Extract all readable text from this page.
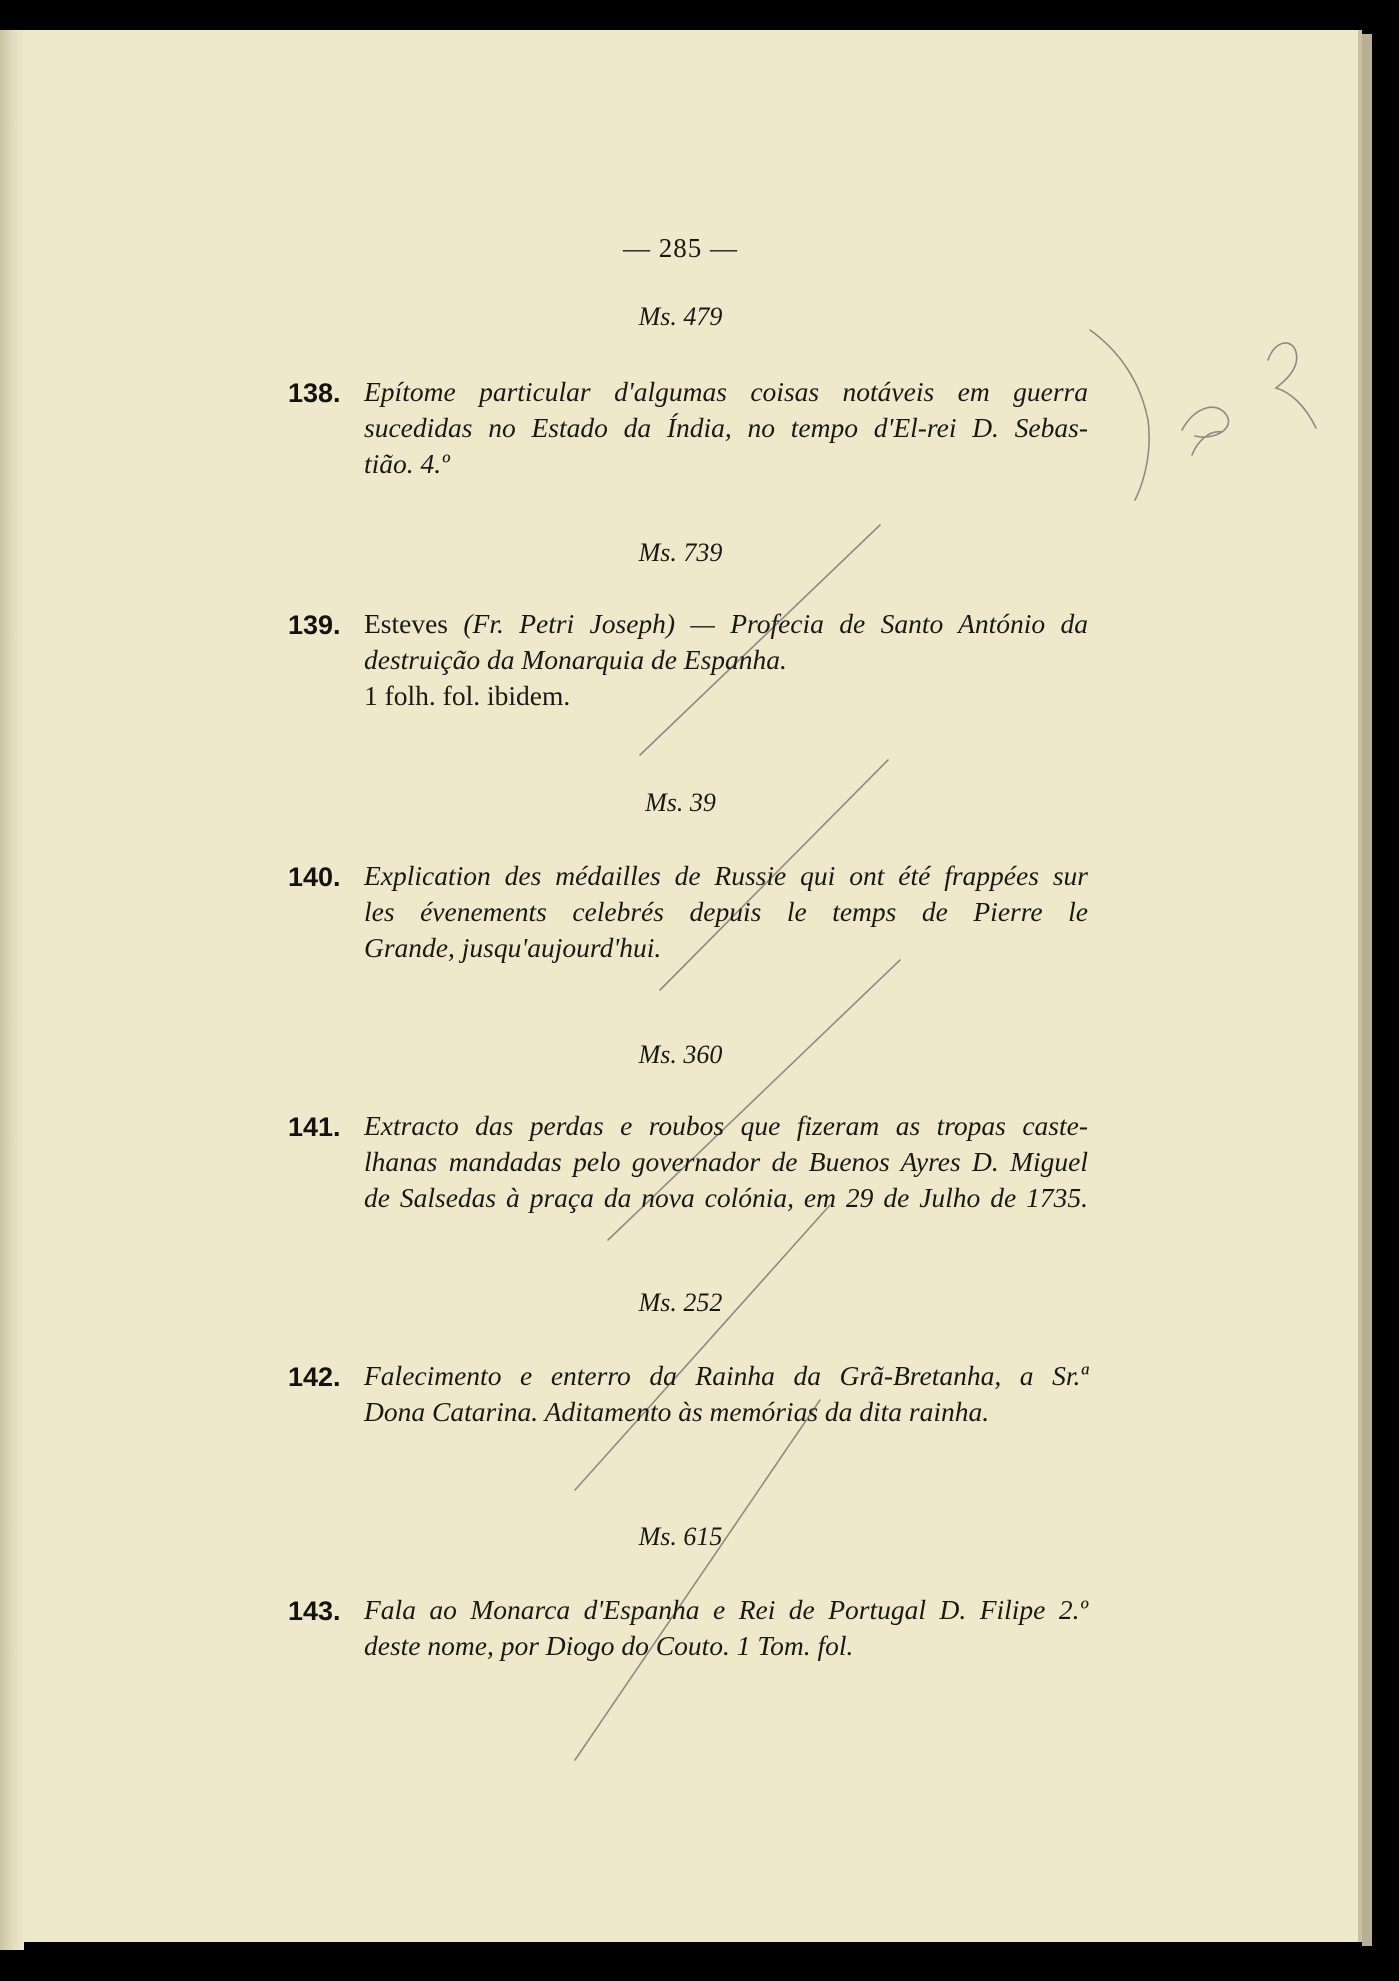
— 285 —
Ms. 479
138. Epítome particular d'algumas coisas notáveis em guerra
sucedidas no Estado da Índia, no tempo d'El-rei D. Sebas-
tião. 4.º

Ms. 739
139. Esteves (Fr. Petri Joseph) — Profecia de Santo António da
destruição da Monarquia de Espanha.
1 folh. fol. ibidem.

Ms. 39
140. Explication des médailles de Russie qui ont été frappées sur
les évenements celebrés depuis le temps de Pierre le
Grande, jusqu'aujourd'hui.

Ms. 360
141. Extracto das perdas e roubos que fizeram as tropas caste-
lhanas mandadas pelo governador de Buenos Ayres D. Miguel
de Salsedas à praça da nova colónia, em 29 de Julho de 1735.

Ms. 252
142. Falecimento e enterro da Rainha da Grã-Bretanha, a Sr.ª
Dona Catarina. Aditamento às memórias da dita rainha.

Ms. 615
143. Fala ao Monarca d'Espanha e Rei de Portugal D. Filipe 2.º
deste nome, por Diogo do Couto. 1 Tom. fol.
